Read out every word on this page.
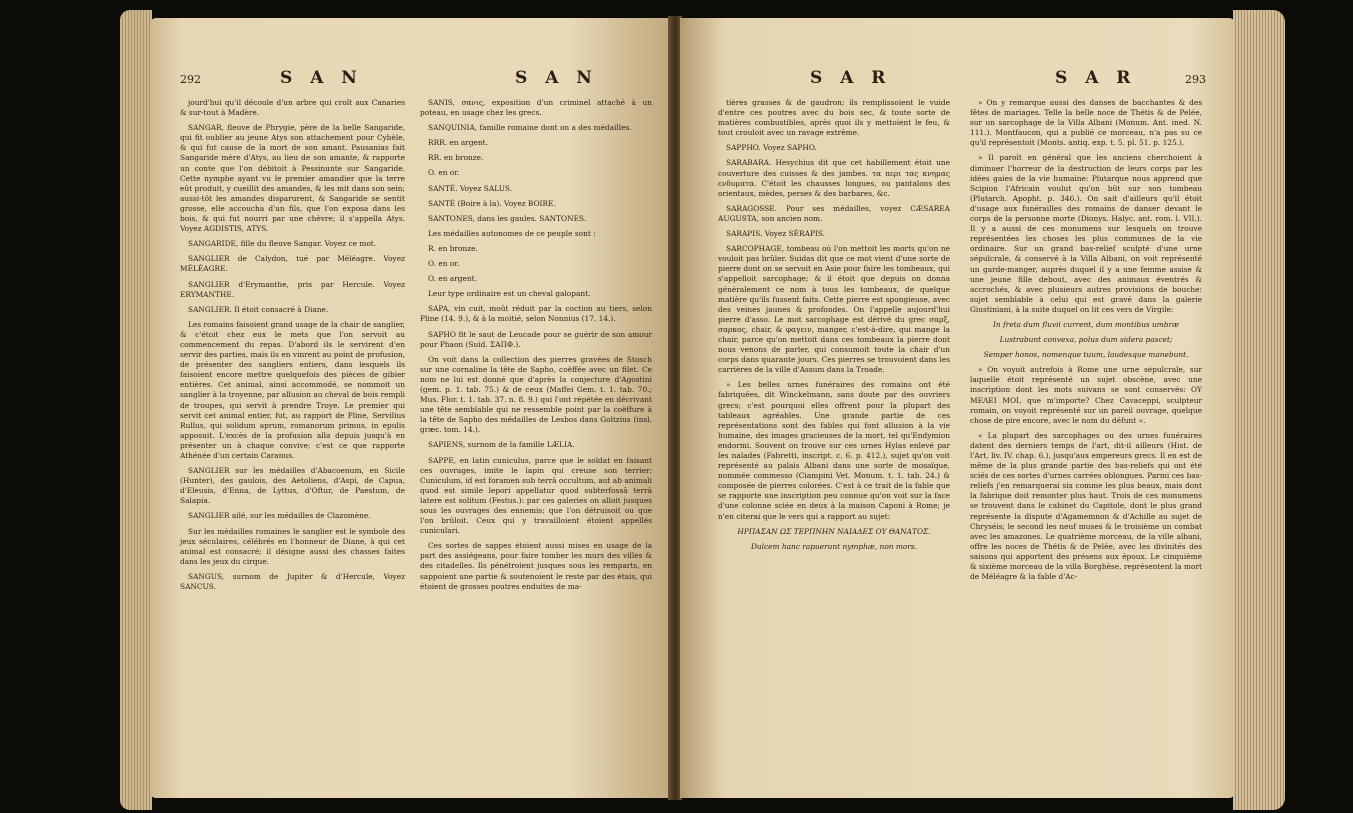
292	S A N	S A N

jourd'hui qu'il découle d'un arbre qui croît aux Canaries & sur-tout à Madère.

SANGAR, fleuve de Phrygie, père de la belle Sangaride, qui fit oublier au jeune Atys son attachement pour Cybèle, & qui fut cause de la mort de son amant. Pausanias fait Sangaride mère d'Atys, au lieu de son amante, & rapporte un conte que l'on débitoit à Pessinunte sur Sangaride. Cette nymphe ayant vu le premier amandier que la terre eût produit, y cueillit des amandes, & les mit dans son sein; aussi-tôt les amandes disparurent, & Sangaride se sentit grosse, elle accoucha d'un fils, que l'on exposa dans les bois, & qui fut nourri par une chèvre; il s'appella Atys. Voyez AGDISTIS, ATYS.

SANGARIDE, fille du fleuve Sangar. Voyez ce mot.

SANGLIER de Calydon, tué par Méléagre. Voyez MÉLÉAGRE.

SANGLIER d'Erymanthe, pris par Hercule. Voyez ERYMANTHE.

SANGLIER. Il étoit consacré à Diane.

Les romains faisoient grand usage de la chair de sanglier, & c'étoit chez eux le mets que l'on servoit au commencement du repas. D'abord ils le servirent d'en servir des parties, mais ils en vinrent au point de profusion, de présenter des sangliers entiers, dans lesquels ils faisoient encore mettre quelquefois des pièces de gibier entières. Cet animal, ainsi accommodé, se nommoit un sanglier à la troyenne, par allusion au cheval de bois rempli de troupes, qui servit à prendre Troye. Le premier qui servit cet animal entier, fut, au rapport de Pline, Servilius Rullus, qui solidum aprum, romanorum primus, in epulis apposuit. L'excès de la profusion alla depuis jusqu'à en présenter un à chaque convive; c'est ce que rapporte Athénée d'un certain Caranus.

SANGLIER sur les médailles d'Abacoenum, en Sicile (Hunter), des gaulois, des Aetoliens, d'Aspi, de Capua, d'Eleusis, d'Enna, de Lyttus, d'Oftur, de Paestum, de Salapia.

SANGLIER ailé, sur les médailles de Clazomène.

Sur les médailles romaines le sanglier est le symbole des jeux séculaires, célébrés en l'honneur de Diane, à qui cet animal est consacré; il désigne aussi des chasses faites dans les jeux du cirque.

SANGUS, surnom de Jupiter & d'Hercule, Voyez SANCUS.

SANIS, σανις, exposition d'un criminel attaché à un poteau, en usage chez les grecs.

SANQUINIA, famille romaine dont on a des médailles.

RRR. en argent.

RR. en bronze.

O. en or.

SANTÉ. Voyez SALUS.

SANTÉ (Boire à la). Voyez BOIRE.

SANTONES, dans les gaules. SANTONES.

Les médailles autonomes de ce peuple sont :

R. en bronze.

O. en or.

O. en argent.

Leur type ordinaire est un cheval galopant.

SAPA, vin cuit, moût réduit par la coction au tiers, selon Pline (14. 9.), & à la moitié, selon Nonnius (17. 14.).

SAPHO fit le saut de Leucade pour se guérir de son amour pour Phaon (Suid. ΣΑΠΦ.).

On voit dans la collection des pierres gravées de Stosch sur une cornaline la tête de Sapho, coëffée avec un filet. Ce nom ne lui est donné que d'après la conjecture d'Agostini (gem. p. 1. tab. 75.) & de ceux (Maffei Gem. t. 1. tab. 70.; Mus. Flor. t. 1. tab. 37. n. 8. 9.) qui l'ont répétée en décrivant une tête semblable qui ne ressemble point par la coëffure à la tête de Sapho des médailles de Lesbos dans Goltzius (insl. græc. tom. 14.).

SAPIENS, surnom de la famille LÆLIA.

SAPPE, en latin cuniculus, parce que le soldat en faisant ces ouvrages, imite le lapin qui creuse son terrier: Cuniculum, id est foramen sub terrâ occultum, aut ab animali quod est simile lepori appellatur quod subterfossâ terrâ latere est solitum (Festus.): par ces galeries on alloit jusques sous les ouvrages des ennemis; que l'on détruisoit ou que l'on brûloit. Ceux qui y travailloient étoient appellés cuniculari.

Ces sortes de sappes étoient aussi mises en usage de la part des assiégeans, pour faire tomber les murs des villes & des citadelles. Ils pénétroient jusques sous les remparts, en sappoient une partie & soutenoient le reste par des étais, qui étoient de grosses poutres enduites de ma-

S A R	S A R	293

tières grasses & de gaudron; ils remplissoient le vuide d'entre ces poutres avec du bois sec, & toute sorte de matières combustibles, après quoi ils y mettoient le feu, & tout crouloit avec un ravage extrême.

SAPPHO. Voyez SAPHO.

SARABARA. Hesychius dit que cet habillement étoit une couverture des cuisses & des jambes. τα περι τας κνημας ενδυματα. C'étoit les chausses longues, ou pantalons des orientaux, mèdes, perses & des barbares, &c.

SARAGOSSE. Pour ses médailles, voyez CÆSAREA AUGUSTA, son ancien nom.

SARAPIS. Voyez SÉRAPIS.

SARCOPHAGE, tombeau où l'on mettoit les morts qu'on ne vouloit pas brûler. Suidas dit que ce mot vient d'une sorte de pierre dont on se servoit en Asie pour faire les tombeaux, qui s'appelloit sarcophage; & il étoit que depuis on donna généralement ce nom à tous les tombeaux, de quelque matière qu'ils fussent faits. Cette pierre est spongieuse, avec des veines jaunes & profondes. On l'appelle aujourd'hui pierre d'asso. Le mot sarcophage est dérivé du grec σαρξ, σαρκος, chair, & φαγειν, manger, c'est-à-dire, qui mange la chair, parce qu'on mettoit dans ces tombeaux la pierre dont nous venons de parler, qui consumoit toute la chair d'un corps dans quarante jours. Ces pierres se trouvoient dans les carrières de la ville d'Assum dans la Troade.

» Les belles urnes funéraires des romains ont été fabriquées, dit Winckelmann, sans doute par des ouvriers grecs; c'est pourquoi elles offrent pour la plupart des tableaux agréables. Une grande partie de ces représentations sont des fables qui font allusion à la vie humaine, des images gracieuses de la mort, tel qu'Endymion endormi. Souvent on trouve sur ces urnes Hylas enlevé par les naïades (Fabretti, inscript. c. 6. p. 412.), sujet qu'on voit représenté au palais Albani dans une sorte de mosaïque, nommée commesso (Ciampini Vet. Monum. t. 1. tab. 24.) & composée de pierres colorées. C'est à ce trait de la fable que se rapporte une inscription peu connue qu'on voit sur la face d'une colonne sciée en deux à la maison Caponi à Rome; je n'en citerai que le vers qui a rapport au sujet:

ΗΡΠΑΣΑΝ ΩΣ ΤΕΡΠΝΗΝ ΝΑΙΑΔΕΣ ΟΥ ΘΑΝΑΤΟΣ.

Dulcem hanc rapuerunt nymphæ, non mors.

» On y remarque aussi des danses de bacchantes & des fêtes de mariages. Telle la belle noce de Thétis & de Pelée, sur un sarcophage de la Villa Albani (Monum. Ant. ined. N. 111.). Montfaucon, qui a publié ce morceau, n'a pas su ce qu'il représentoit (Monts. antiq. exp. t. 5. pl. 51. p. 125.).

» Il paroît en général que les anciens cherchoient à diminuer l'horreur de la destruction de leurs corps par les idées gaies de la vie humaine: Plutarque nous apprend que Scipion l'Africain voulut qu'on bût sur son tombeau (Plutarch. Apopht. p. 346.). On sait d'ailleurs qu'il étoit d'usage aux funérailles des romains de danser devant le corps de la personne morte (Dionys. Halyc. ant. rom. l. VII.). Il y a aussi de ces monumens sur lesquels on trouve représentées les choses les plus communes de la vie ordinaire. Sur un grand bas-relief sculpté d'une urne sépulcrale, & conservé à la Villa Albani, on voit représenté un garde-manger, auprès duquel il y a une femme assise & une jeune fille debout, avec des animaux éventrés & accrochés, & avec plusieurs autres provisions de bouche: sujet semblable à celui qui est gravé dans la galerie Giustiniani, à la suite duquel on lit ces vers de Virgile:

In freta dum fluvii current, dum montibus umbræ

Lustrabunt convexa, polus dum sidera pascet;

Semper honos, nomenque tuum, laudesque manebunt.

» On voyoit autrefois à Rome une urne sépulcrale, sur laquelle étoit représenté un sujet obscène, avec une inscription dont les mots suivans se sont conservés: ΟΥ ΜΕΛΕΙ ΜΟΙ, que m'importe? Chez Cavaceppi, sculpteur romain, on voyoit représenté sur un pareil ouvrage, quelque chose de pire encore, avec le nom du défunt «.

« La plupart des sarcophages ou des urnes funéraires datent des derniers temps de l'art, dit-il ailleurs (Hist. de l'Art, liv. IV. chap. 6.), jusqu'aux empereurs grecs. Il en est de même de la plus grande partie des bas-reliefs qui ont été sciés de ces sortes d'urnes carrées oblongues. Parmi ces bas-reliefs j'en remarquerai six comme les plus beaux, mais dont la fabrique doit remonter plus haut. Trois de ces monumens se trouvent dans le cabinet du Capitole, dont le plus grand représente la dispute d'Agamemnon & d'Achille au sujet de Chryséis; le second les neuf muses & le troisième un combat avec les amazones. Le quatrième morceau, de la ville albani, offre les noces de Thétis & de Pelée, avec les divinités des saisons qui apportent des présens aux époux. Le cinquième & sixième morceau de la villa Borghèse, représentent la mort de Méléagre & la fable d'Ac-
